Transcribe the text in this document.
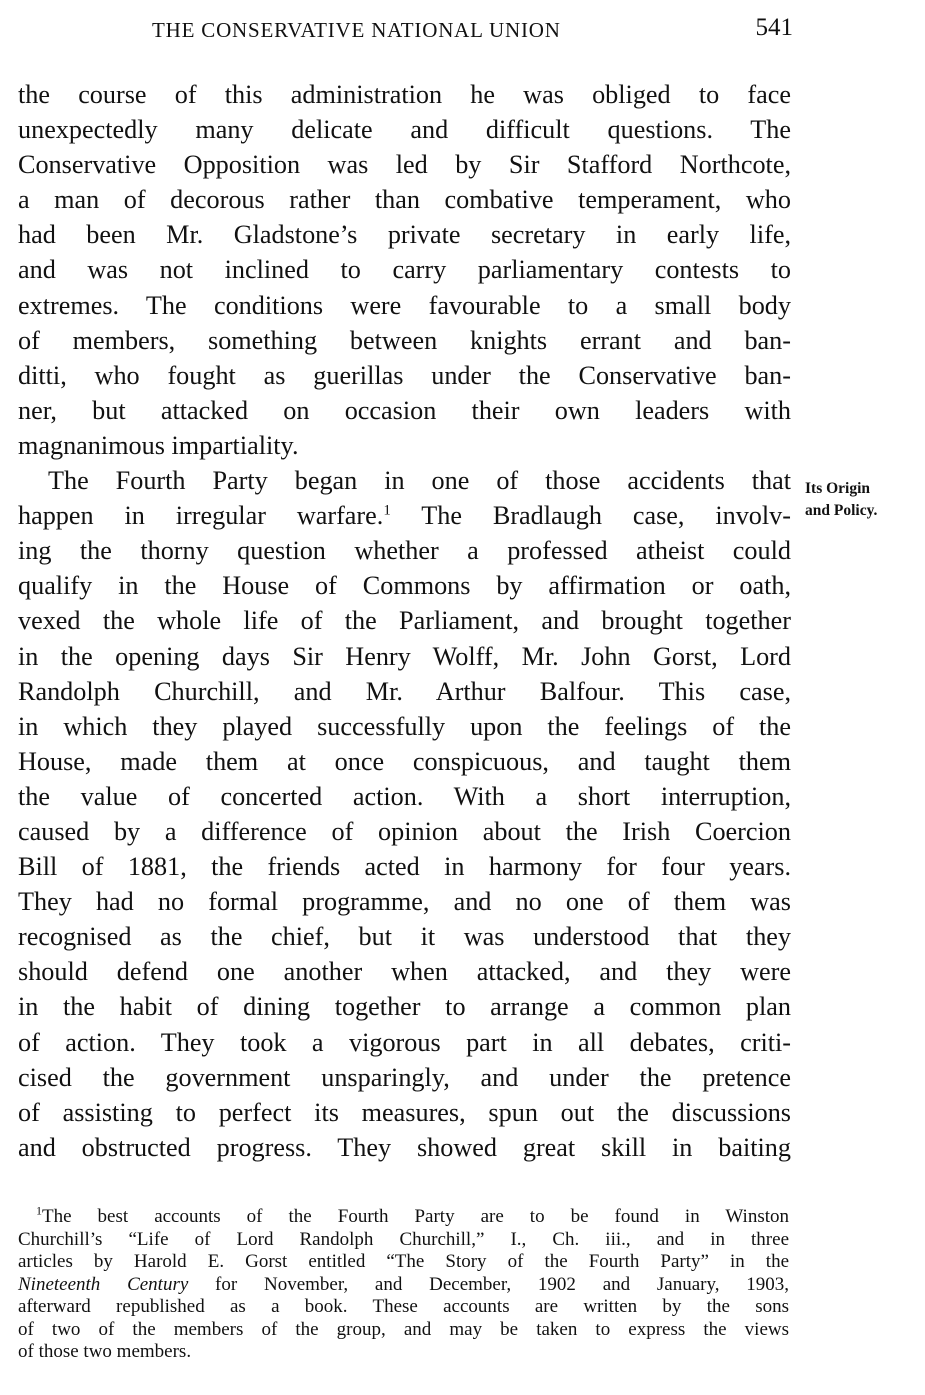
THE CONSERVATIVE NATIONAL UNION	541
the course of this administration he was obliged to face
unexpectedly many delicate and difficult questions. The
Conservative Opposition was led by Sir Stafford Northcote,
a man of decorous rather than combative temperament, who
had been Mr. Gladstone’s private secretary in early life,
and was not inclined to carry parliamentary contests to
extremes. The conditions were favourable to a small body
of members, something between knights errant and ban-
ditti, who fought as guerillas under the Conservative ban-
ner, but attacked on occasion their own leaders with
magnanimous impartiality.
The Fourth Party began in one of those accidents that
happen in irregular warfare.$^1$ The Bradlaugh case, involv-
ing the thorny question whether a professed atheist could
qualify in the House of Commons by affirmation or oath,
vexed the whole life of the Parliament, and brought together
in the opening days Sir Henry Wolff, Mr. John Gorst, Lord
Randolph Churchill, and Mr. Arthur Balfour. This case,
in which they played successfully upon the feelings of the
House, made them at once conspicuous, and taught them
the value of concerted action. With a short interruption,
caused by a difference of opinion about the Irish Coercion
Bill of 1881, the friends acted in harmony for four years.
They had no formal programme, and no one of them was
recognised as the chief, but it was understood that they
should defend one another when attacked, and they were
in the habit of dining together to arrange a common plan
of action. They took a vigorous part in all debates, criti-
cised the government unsparingly, and under the pretence
of assisting to perfect its measures, spun out the discussions
and obstructed progress. They showed great skill in baiting
Its Origin
and Policy.
$^1$The best accounts of the Fourth Party are to be found in Winston
Churchill’s “Life of Lord Randolph Churchill,” I., Ch. iii., and in three
articles by Harold E. Gorst entitled “The Story of the Fourth Party” in the
Nineteenth Century for November, and December, 1902 and January, 1903,
afterward republished as a book. These accounts are written by the sons
of two of the members of the group, and may be taken to express the views
of those two members.
